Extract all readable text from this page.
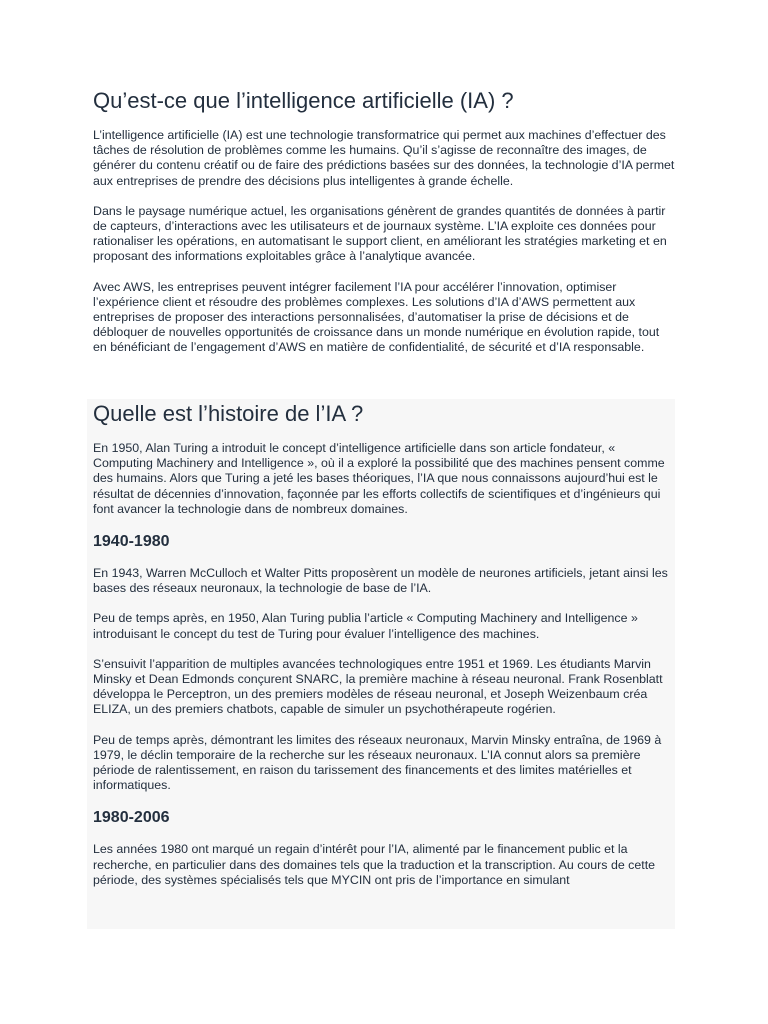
Qu’est-ce que l’intelligence artificielle (IA) ?

L’intelligence artificielle (IA) est une technologie transformatrice qui permet aux machines d’effectuer des tâches de résolution de problèmes comme les humains. Qu’il s’agisse de reconnaître des images, de générer du contenu créatif ou de faire des prédictions basées sur des données, la technologie d’IA permet aux entreprises de prendre des décisions plus intelligentes à grande échelle.

Dans le paysage numérique actuel, les organisations génèrent de grandes quantités de données à partir de capteurs, d’interactions avec les utilisateurs et de journaux système. L’IA exploite ces données pour rationaliser les opérations, en automatisant le support client, en améliorant les stratégies marketing et en proposant des informations exploitables grâce à l’analytique avancée.

Avec AWS, les entreprises peuvent intégrer facilement l’IA pour accélérer l’innovation, optimiser l’expérience client et résoudre des problèmes complexes. Les solutions d’IA d’AWS permettent aux entreprises de proposer des interactions personnalisées, d’automatiser la prise de décisions et de débloquer de nouvelles opportunités de croissance dans un monde numérique en évolution rapide, tout en bénéficiant de l’engagement d’AWS en matière de confidentialité, de sécurité et d’IA responsable.

Quelle est l’histoire de l’IA ?

En 1950, Alan Turing a introduit le concept d’intelligence artificielle dans son article fondateur, « Computing Machinery and Intelligence », où il a exploré la possibilité que des machines pensent comme des humains. Alors que Turing a jeté les bases théoriques, l’IA que nous connaissons aujourd’hui est le résultat de décennies d’innovation, façonnée par les efforts collectifs de scientifiques et d’ingénieurs qui font avancer la technologie dans de nombreux domaines.

1940-1980

En 1943, Warren McCulloch et Walter Pitts proposèrent un modèle de neurones artificiels, jetant ainsi les bases des réseaux neuronaux, la technologie de base de l’IA.

Peu de temps après, en 1950, Alan Turing publia l’article « Computing Machinery and Intelligence » introduisant le concept du test de Turing pour évaluer l’intelligence des machines.

S’ensuivit l’apparition de multiples avancées technologiques entre 1951 et 1969. Les étudiants Marvin Minsky et Dean Edmonds conçurent SNARC, la première machine à réseau neuronal. Frank Rosenblatt développa le Perceptron, un des premiers modèles de réseau neuronal, et Joseph Weizenbaum créa ELIZA, un des premiers chatbots, capable de simuler un psychothérapeute rogérien.

Peu de temps après, démontrant les limites des réseaux neuronaux, Marvin Minsky entraîna, de 1969 à 1979, le déclin temporaire de la recherche sur les réseaux neuronaux. L’IA connut alors sa première période de ralentissement, en raison du tarissement des financements et des limites matérielles et informatiques.

1980-2006

Les années 1980 ont marqué un regain d’intérêt pour l’IA, alimenté par le financement public et la recherche, en particulier dans des domaines tels que la traduction et la transcription. Au cours de cette période, des systèmes spécialisés tels que MYCIN ont pris de l’importance en simulant
